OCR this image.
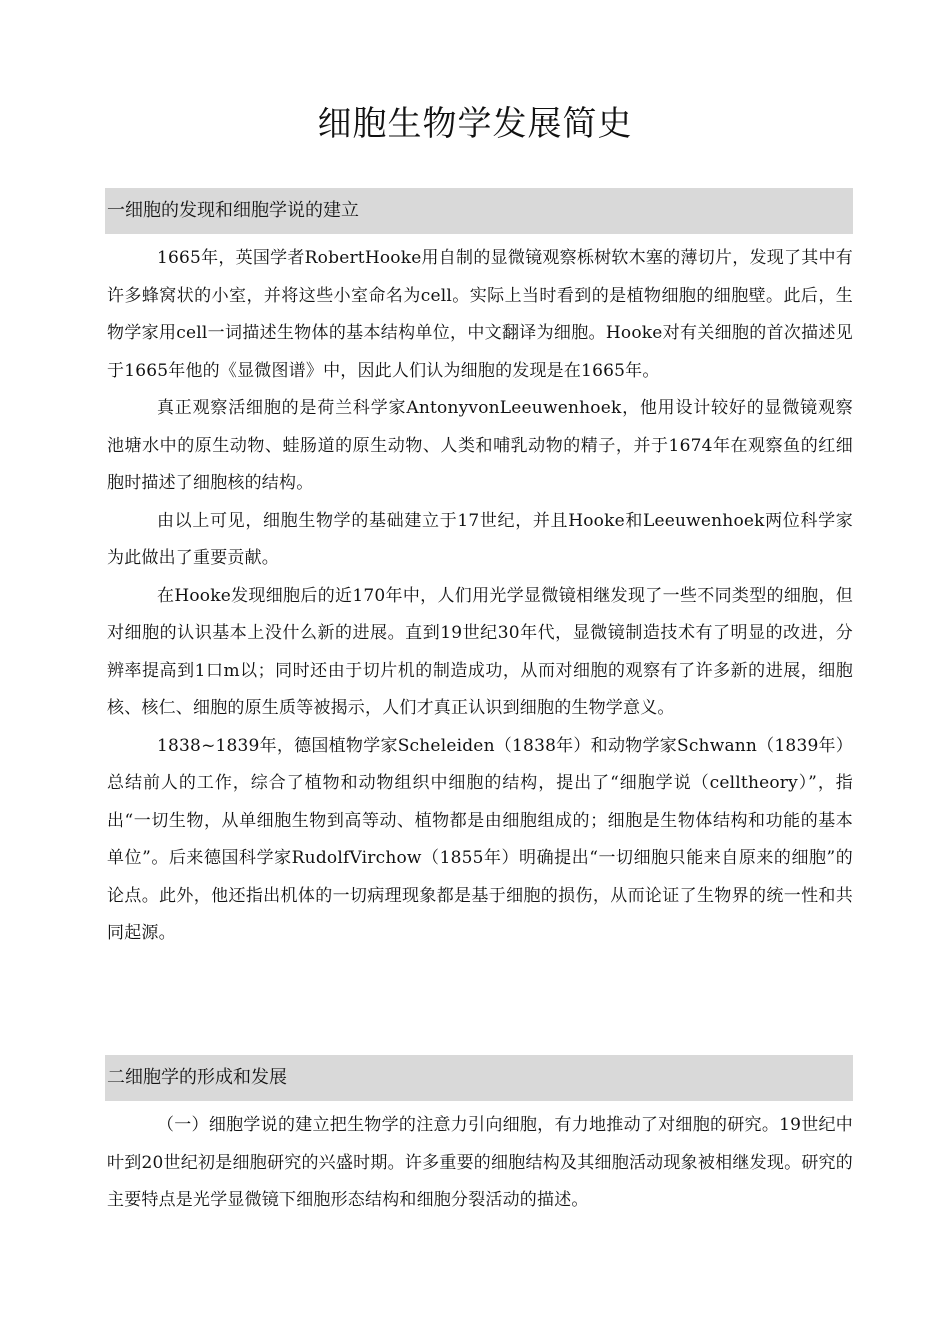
细胞生物学发展简史
一细胞的发现和细胞学说的建立

1665年，英国学者RobertHooke用自制的显微镜观察栎树软木塞的薄切片，发现了其中有许多蜂窝状的小室，并将这些小室命名为cell。实际上当时看到的是植物细胞的细胞壁。此后，生物学家用cell一词描述生物体的基本结构单位，中文翻译为细胞。Hooke对有关细胞的首次描述见于1665年他的《显微图谱》中，因此人们认为细胞的发现是在1665年。

真正观察活细胞的是荷兰科学家AntonyvonLeeuwenhoek，他用设计较好的显微镜观察池塘水中的原生动物、蛙肠道的原生动物、人类和哺乳动物的精子，并于1674年在观察鱼的红细胞时描述了细胞核的结构。

由以上可见，细胞生物学的基础建立于17世纪，并且Hooke和Leeuwenhoek两位科学家为此做出了重要贡献。

在Hooke发现细胞后的近170年中，人们用光学显微镜相继发现了一些不同类型的细胞，但对细胞的认识基本上没什么新的进展。直到19世纪30年代，显微镜制造技术有了明显的改进，分辨率提高到1口m以；同时还由于切片机的制造成功，从而对细胞的观察有了许多新的进展，细胞核、核仁、细胞的原生质等被揭示，人们才真正认识到细胞的生物学意义。

1838~1839年，德国植物学家Scheleiden（1838年）和动物学家Schwann（1839年）总结前人的工作，综合了植物和动物组织中细胞的结构，提出了“细胞学说（celltheory）”，指出“一切生物，从单细胞生物到高等动、植物都是由细胞组成的；细胞是生物体结构和功能的基本单位”。后来德国科学家RudolfVirchow（1855年）明确提出“一切细胞只能来自原来的细胞”的论点。此外，他还指出机体的一切病理现象都是基于细胞的损伤，从而论证了生物界的统一性和共同起源。

二细胞学的形成和发展

（一）细胞学说的建立把生物学的注意力引向细胞，有力地推动了对细胞的研究。19世纪中叶到20世纪初是细胞研究的兴盛时期。许多重要的细胞结构及其细胞活动现象被相继发现。研究的主要特点是光学显微镜下细胞形态结构和细胞分裂活动的描述。
